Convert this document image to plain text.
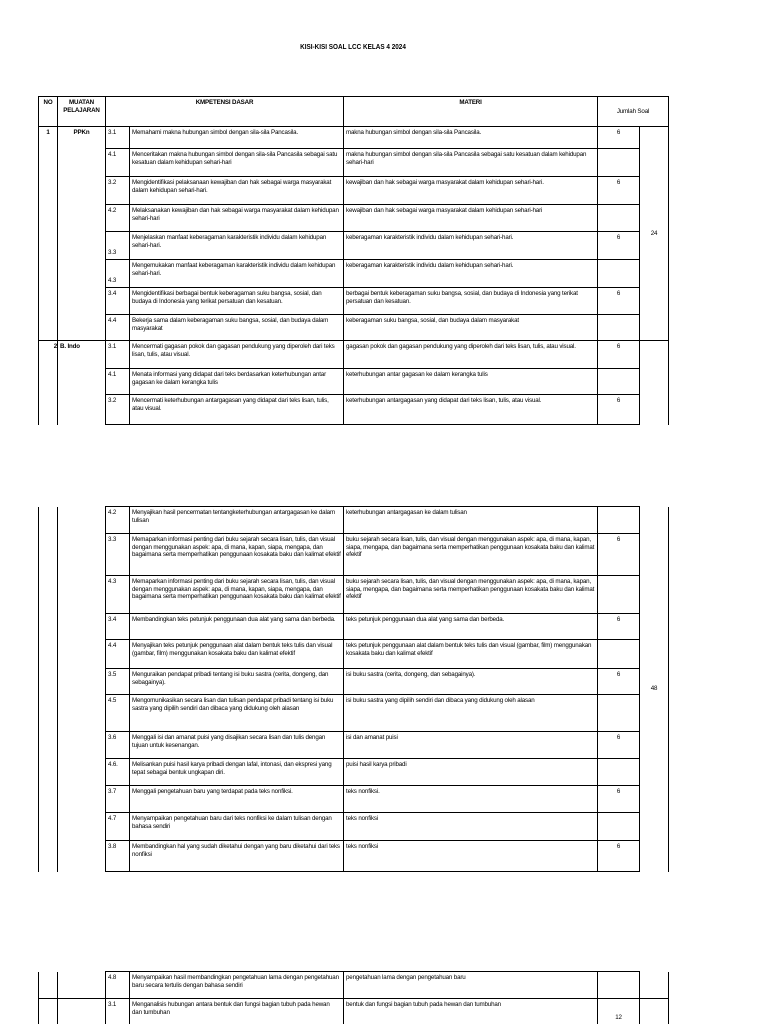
KISI-KISI SOAL LCC KELAS 4 2024
NO	MUATAN PELAJARAN	KMPETENSI DASAR		MATERI	Jumlah Soal	
1	PPKn	3.1	Memahami makna hubungan simbol dengan sila-sila Pancasila.	makna hubungan simbol dengan sila-sila Pancasila.	6	24
		4.1	Menceritakan makna hubungan simbol dengan sila-sila Pancasila sebagai satu kesatuan dalam kehidupan sehari-hari	makna hubungan simbol dengan sila-sila Pancasila sebagai satu kesatuan dalam kehidupan sehari-hari		
		3.2	Mengidentifikasi pelaksanaan kewajiban dan hak sebagai warga masyarakat dalam kehidupan sehari-hari.	kewajiban dan hak sebagai warga masyarakat dalam kehidupan sehari-hari.	6	
		4.2	Melaksanakan kewajiban dan hak sebagai warga masyarakat dalam kehidupan sehari-hari	kewajiban dan hak sebagai warga masyarakat dalam kehidupan sehari-hari		
		3.3	Menjelaskan manfaat keberagaman karakteristik individu dalam kehidupan sehari-hari.	keberagaman karakteristik individu dalam kehidupan sehari-hari.	6	
		4.3	Mengemukakan manfaat keberagaman karakteristik individu dalam kehidupan sehari-hari.	keberagaman karakteristik individu dalam kehidupan sehari-hari.		
		3.4	Mengidentifikasi berbagai bentuk keberagaman suku bangsa, sosial, dan budaya di Indonesia yang terikat persatuan dan kesatuan.	berbagai bentuk keberagaman suku bangsa, sosial, dan budaya di Indonesia yang terikat persatuan dan kesatuan.	6	
		4.4	Bekerja sama dalam keberagaman suku bangsa, sosial, dan budaya dalam masyarakat	keberagaman suku bangsa, sosial, dan budaya dalam masyarakat		
2	B. Indo	3.1	Mencermati gagasan pokok dan gagasan pendukung yang diperoleh dari teks lisan, tulis, atau visual.	gagasan pokok dan gagasan pendukung yang diperoleh dari teks lisan, tulis, atau visual.	6	
		4.1	Menata informasi yang didapat dari teks berdasarkan keterhubungan antar gagasan ke dalam kerangka tulis	keterhubungan antar gagasan ke dalam kerangka tulis		
		3.2	Mencermati keterhubungan antargagasan yang didapat dari teks lisan, tulis, atau visual.	keterhubungan antargagasan yang didapat dari teks lisan, tulis, atau visual.	6	
		4.2	Menyajikan hasil pencermatan tentangketerhubungan antargagasan ke dalam tulisan	keterhubungan antargagasan ke dalam tulisan		48
		3.3	Memaparkan informasi penting dari buku sejarah secara lisan, tulis, dan visual dengan menggunakan aspek: apa, di mana, kapan, siapa, mengapa, dan bagaimana serta memperhatikan penggunaan kosakata baku dan kalimat efektif	buku sejarah secara lisan, tulis, dan visual dengan menggunakan aspek: apa, di mana, kapan, siapa, mengapa, dan bagaimana serta memperhatikan penggunaan kosakata baku dan kalimat efektif	6	
		4.3	Memaparkan informasi penting dari buku sejarah secara lisan, tulis, dan visual dengan menggunakan aspek: apa, di mana, kapan, siapa, mengapa, dan bagaimana serta memperhatikan penggunaan kosakata baku dan kalimat efektif	buku sejarah secara lisan, tulis, dan visual dengan menggunakan aspek: apa, di mana, kapan, siapa, mengapa, dan bagaimana serta memperhatikan penggunaan kosakata baku dan kalimat efektif		
		3.4	Membandingkan teks petunjuk penggunaan dua alat yang sama dan berbeda.	teks petunjuk penggunaan dua alat yang sama dan berbeda.	6	
		4.4	Menyajikan teks petunjuk penggunaan alat dalam bentuk teks tulis dan visual (gambar, film) menggunakan kosakata baku dan kalimat efektif	teks petunjuk penggunaan alat dalam bentuk teks tulis dan visual (gambar, film) menggunakan kosakata baku dan kalimat efektif		
		3.5	Menguraikan pendapat pribadi tentang isi buku sastra (cerita, dongeng, dan sebagainya).	isi buku sastra (cerita, dongeng, dan sebagainya).	6	
		4.5	Mengomunikasikan secara lisan dan tulisan pendapat pribadi tentang isi buku sastra yang dipilih sendiri dan dibaca yang didukung oleh alasan	isi buku sastra yang dipilih sendiri dan dibaca yang didukung oleh alasan		
		3.6	Menggali isi dan amanat puisi yang disajikan secara lisan dan tulis dengan tujuan untuk kesenangan.	isi dan amanat puisi	6	
		4.6.	Melisankan puisi hasil karya pribadi dengan lafal, intonasi, dan ekspresi yang tepat sebagai bentuk ungkapan diri.	puisi hasil karya pribadi		
		3.7	Menggali pengetahuan baru yang terdapat pada teks nonfiksi.	teks nonfiksi.	6	
		4.7	Menyampaikan pengetahuan baru dari teks nonfiksi ke dalam tulisan dengan bahasa sendiri	teks nonfiksi		
		3.8	Membandingkan hal yang sudah diketahui dengan yang baru diketahui dari teks nonfiksi	teks nonfiksi	6	
		4.8	Menyampaikan hasil membandingkan pengetahuan lama dengan pengetahuan baru secara tertulis dengan bahasa sendiri	pengetahuan lama dengan pengetahuan baru		
		3.1	Menganalisis hubungan antara bentuk dan fungsi bagian tubuh pada hewan dan tumbuhan	bentuk dan fungsi bagian tubuh pada hewan dan tumbuhan	12	
